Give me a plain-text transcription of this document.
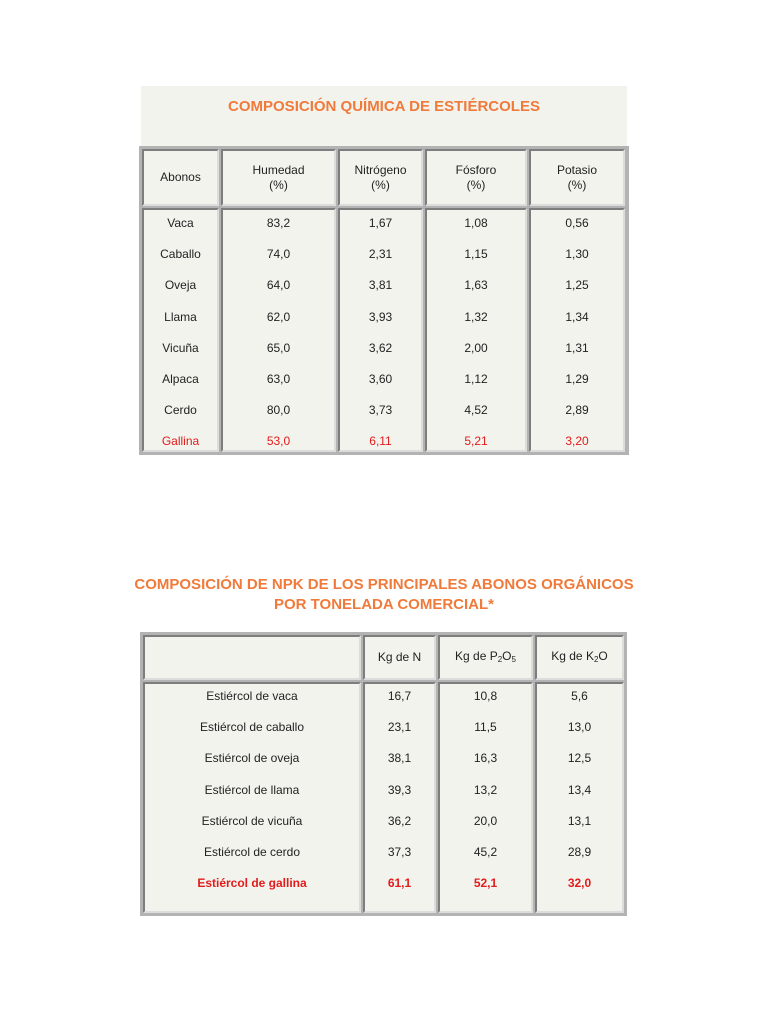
COMPOSICIÓN QUÍMICA DE ESTIÉRCOLES
Abonos
Humedad
(%)
Nitrógeno
(%)
Fósforo
(%)
Potasio
(%)
Vaca
Caballo
Oveja
Llama
Vicuña
Alpaca
Cerdo
Gallina
83,2
74,0
64,0
62,0
65,0
63,0
80,0
53,0
1,67
2,31
3,81
3,93
3,62
3,60
3,73
6,11
1,08
1,15
1,63
1,32
2,00
1,12
4,52
5,21
0,56
1,30
1,25
1,34
1,31
1,29
2,89
3,20
COMPOSICIÓN DE NPK DE LOS PRINCIPALES ABONOS ORGÁNICOS
POR TONELADA COMERCIAL*
Kg de N	Kg de $P_2O_5$	Kg de $K_2O$
Estiércol de vaca
Estiércol de caballo
Estiércol de oveja
Estiércol de llama
Estiércol de vicuña
Estiércol de cerdo
Estiércol de gallina
16,7
23,1
38,1
39,3
36,2
37,3
61,1
10,8
11,5
16,3
13,2
20,0
45,2
52,1
5,6
13,0
12,5
13,4
13,1
28,9
32,0
